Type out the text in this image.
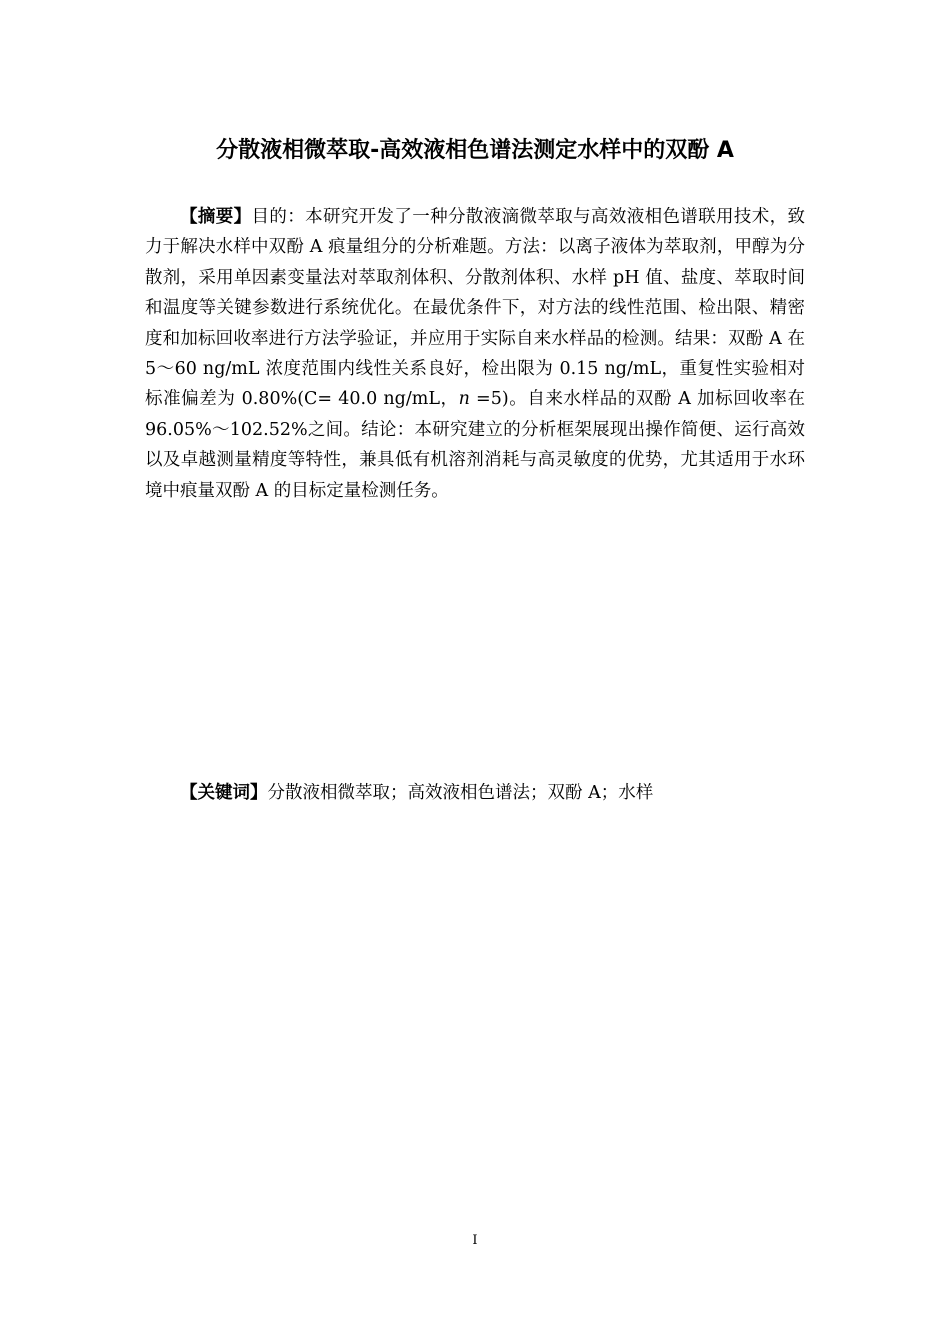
分散液相微萃取-高效液相色谱法测定水样中的双酚 A

【摘要】目的：本研究开发了一种分散液滴微萃取与高效液相色谱联用技术，致力于解决水样中双酚 A 痕量组分的分析难题。方法：以离子液体为萃取剂，甲醇为分散剂，采用单因素变量法对萃取剂体积、分散剂体积、水样 pH 值、盐度、萃取时间和温度等关键参数进行系统优化。在最优条件下，对方法的线性范围、检出限、精密度和加标回收率进行方法学验证，并应用于实际自来水样品的检测。结果：双酚 A 在 5～60 ng/mL 浓度范围内线性关系良好，检出限为 0.15 ng/mL，重复性实验相对标准偏差为 0.80%(C= 40.0 ng/mL，n =5)。自来水样品的双酚 A 加标回收率在 96.05%～102.52%之间。结论：本研究建立的分析框架展现出操作简便、运行高效以及卓越测量精度等特性，兼具低有机溶剂消耗与高灵敏度的优势，尤其适用于水环境中痕量双酚 A 的目标定量检测任务。

【关键词】分散液相微萃取；高效液相色谱法；双酚 A；水样

I
